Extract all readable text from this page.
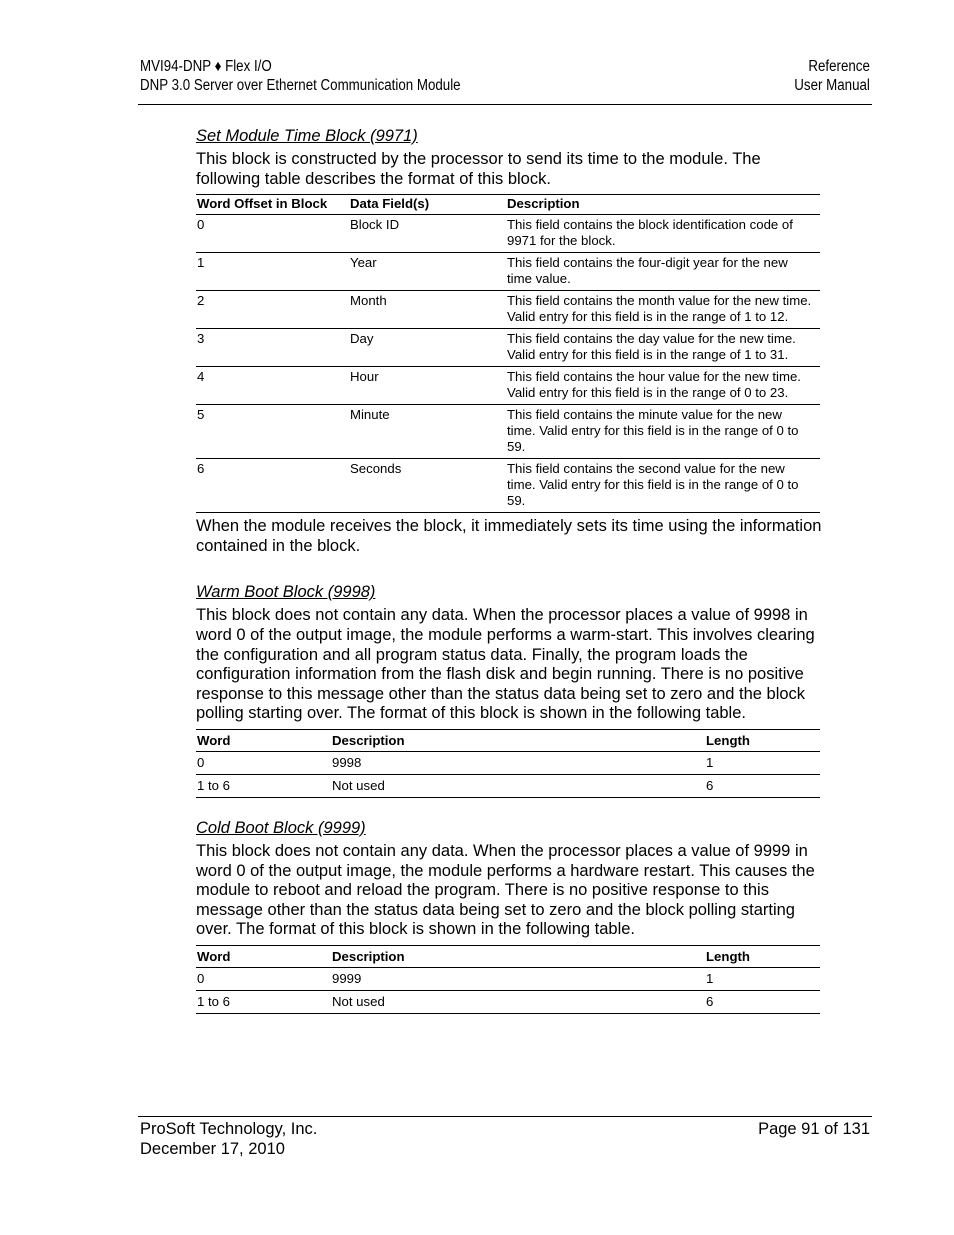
MVI94-DNP ♦ Flex I/O
DNP 3.0 Server over Ethernet Communication Module
Reference
User Manual
Set Module Time Block (9971)

This block is constructed by the processor to send its time to the module. The following table describes the format of this block.

Word Offset in Block	Data Field(s)	Description
0	Block ID	This field contains the block identification code of 9971 for the block.
1	Year	This field contains the four-digit year for the new time value.
2	Month	This field contains the month value for the new time. Valid entry for this field is in the range of 1 to 12.
3	Day	This field contains the day value for the new time. Valid entry for this field is in the range of 1 to 31.
4	Hour	This field contains the hour value for the new time. Valid entry for this field is in the range of 0 to 23.
5	Minute	This field contains the minute value for the new time. Valid entry for this field is in the range of 0 to 59.
6	Seconds	This field contains the second value for the new time. Valid entry for this field is in the range of 0 to 59.

When the module receives the block, it immediately sets its time using the information contained in the block.

Warm Boot Block (9998)

This block does not contain any data. When the processor places a value of 9998 in word 0 of the output image, the module performs a warm-start. This involves clearing the configuration and all program status data. Finally, the program loads the configuration information from the flash disk and begin running. There is no positive response to this message other than the status data being set to zero and the block polling starting over. The format of this block is shown in the following table.

Word	Description	Length
0	9998	1
1 to 6	Not used	6
Cold Boot Block (9999)

This block does not contain any data. When the processor places a value of 9999 in word 0 of the output image, the module performs a hardware restart. This causes the module to reboot and reload the program. There is no positive response to this message other than the status data being set to zero and the block polling starting over. The format of this block is shown in the following table.

Word	Description	Length
0	9999	1
1 to 6	Not used	6
ProSoft Technology, Inc.
December 17, 2010
Page 91 of 131
